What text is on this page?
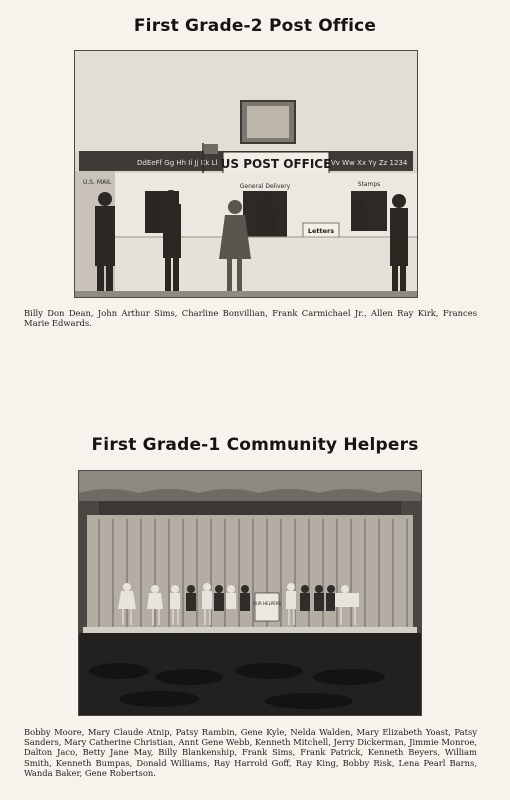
First Grade-2 Post Office
DdEeFf Gg Hh Ii Jj Kk Ll	Vv Ww Xx Yy Zz 1234
US POST OFFICE
U.S. MAIL
General Delivery	Stamps
Letters
Billy Don Dean, John Arthur Sims, Charline Bonvillian, Frank Carmichael Jr., Allen Ray Kirk, Frances Marie Edwards.
First Grade-1 Community Helpers
OUR HELPERS
Bobby Moore, Mary Claude Atnip, Patsy Rambin, Gene Kyle, Nelda Walden, Mary Elizabeth Yoast, Patsy Sanders, Mary Catherine Christian, Annt Gene Webb, Kenneth Mitchell, Jerry Dickerman, Jimmie Monroe, Dalton Jaco, Betty Jane May, Billy Blankenship, Frank Sims, Frank Patrick, Kenneth Beyers, William Smith, Kenneth Bumpas, Donald Williams, Ray Harrold Goff, Ray King, Bobby Risk, Lena Pearl Barns, Wanda Baker, Gene Robertson.
